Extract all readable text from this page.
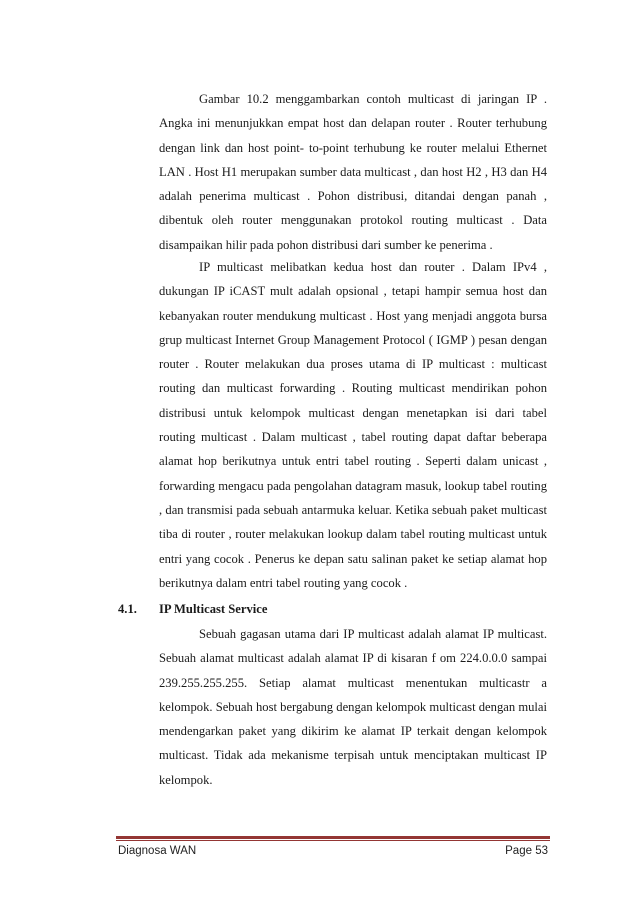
Gambar 10.2 menggambarkan contoh multicast di jaringan IP . Angka ini menunjukkan empat host dan delapan router . Router terhubung dengan link dan host point- to-point terhubung ke router melalui Ethernet LAN . Host H1 merupakan sumber data multicast , dan host H2 , H3 dan H4 adalah penerima multicast . Pohon distribusi, ditandai dengan panah , dibentuk oleh router menggunakan protokol routing multicast . Data disampaikan hilir pada pohon distribusi dari sumber ke penerima .

IP multicast melibatkan kedua host dan router . Dalam IPv4 , dukungan IP iCAST mult adalah opsional , tetapi hampir semua host dan kebanyakan router mendukung multicast . Host yang menjadi anggota bursa grup multicast Internet Group Management Protocol ( IGMP ) pesan dengan router . Router melakukan dua proses utama di IP multicast : multicast routing dan multicast forwarding . Routing multicast mendirikan pohon distribusi untuk kelompok multicast dengan menetapkan isi dari tabel routing multicast . Dalam multicast , tabel routing dapat daftar beberapa alamat hop berikutnya untuk entri tabel routing . Seperti dalam unicast , forwarding mengacu pada pengolahan datagram masuk, lookup tabel routing , dan transmisi pada sebuah antarmuka keluar. Ketika sebuah paket multicast tiba di router , router melakukan lookup dalam tabel routing multicast untuk entri yang cocok . Penerus ke depan satu salinan paket ke setiap alamat hop berikutnya dalam entri tabel routing yang cocok .

4.1. IP Multicast Service

Sebuah gagasan utama dari IP multicast adalah alamat IP multicast. Sebuah alamat multicast adalah alamat IP di kisaran f om 224.0.0.0 sampai 239.255.255.255. Setiap alamat multicast menentukan multicastr a kelompok. Sebuah host bergabung dengan kelompok multicast dengan mulai mendengarkan paket yang dikirim ke alamat IP terkait dengan kelompok multicast. Tidak ada mekanisme terpisah untuk menciptakan multicast IP kelompok.

Diagnosa WAN	Page 53
